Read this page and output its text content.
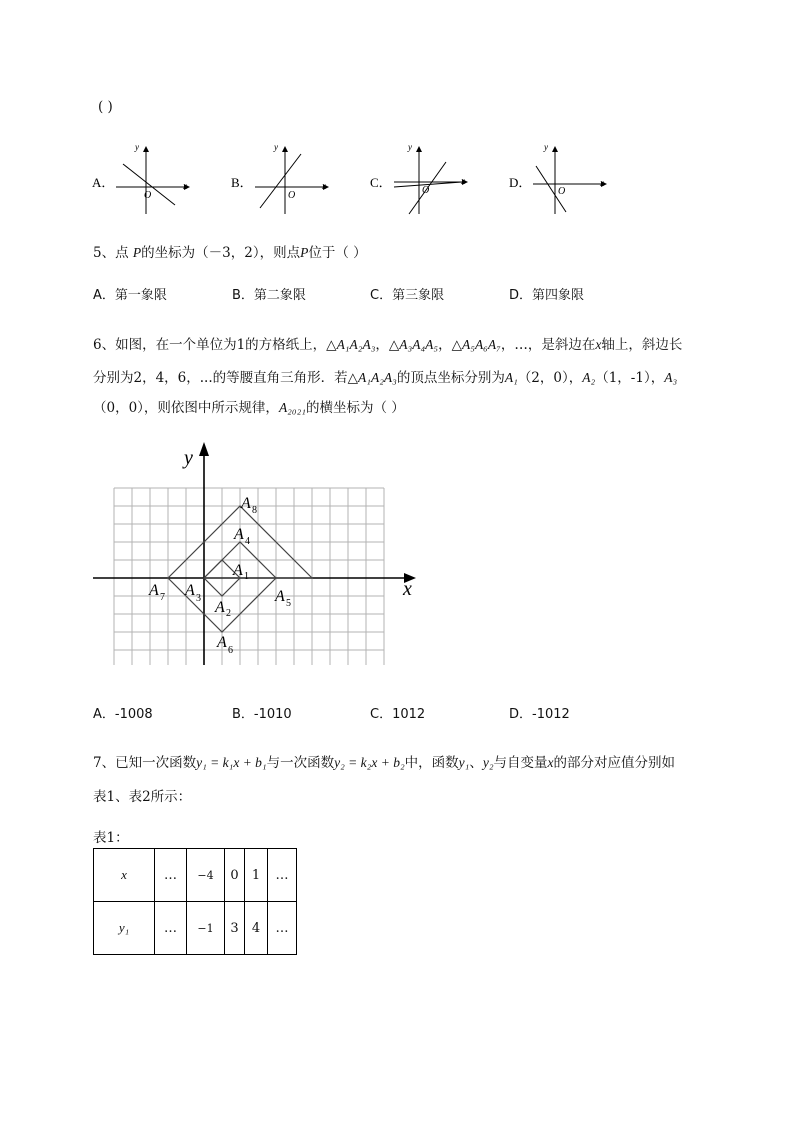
( )
A．	x
y
O
B．	x
y
O
C．	x
y
O
D．	x
y
O
5、点 P的坐标为（－3，2），则点P位于（ ）
A．第一象限	B．第二象限	C．第三象限	D．第四象限
6、如图，在一个单位为1的方格纸上，△A₁A₂A₃，△A₃A₄A₅，△A₅A₆A₇，…，是斜边在x轴上，斜边长
分别为2，4，6，...的等腰直角三角形．若△A₁A₂A₃的顶点坐标分别为A₁（2，0），A₂（1，-1），A₃
（0，0），则依图中所示规律，A₂₀₂₁的横坐标为（ ）
y
x
A 1
A 2
A 3
A 4
A 5
A 6
A 7
A 8
A．-1008	B．-1010	C．1012	D．-1012
7、已知一次函数y₁ = k₁x + b₁与一次函数y₂ = k₂x + b₂中，函数y₁、y₂与自变量x的部分对应值分别如
表1、表2所示：
表1：
x	…	−4	0	1	…
y₁	…	−1	3	4	…
